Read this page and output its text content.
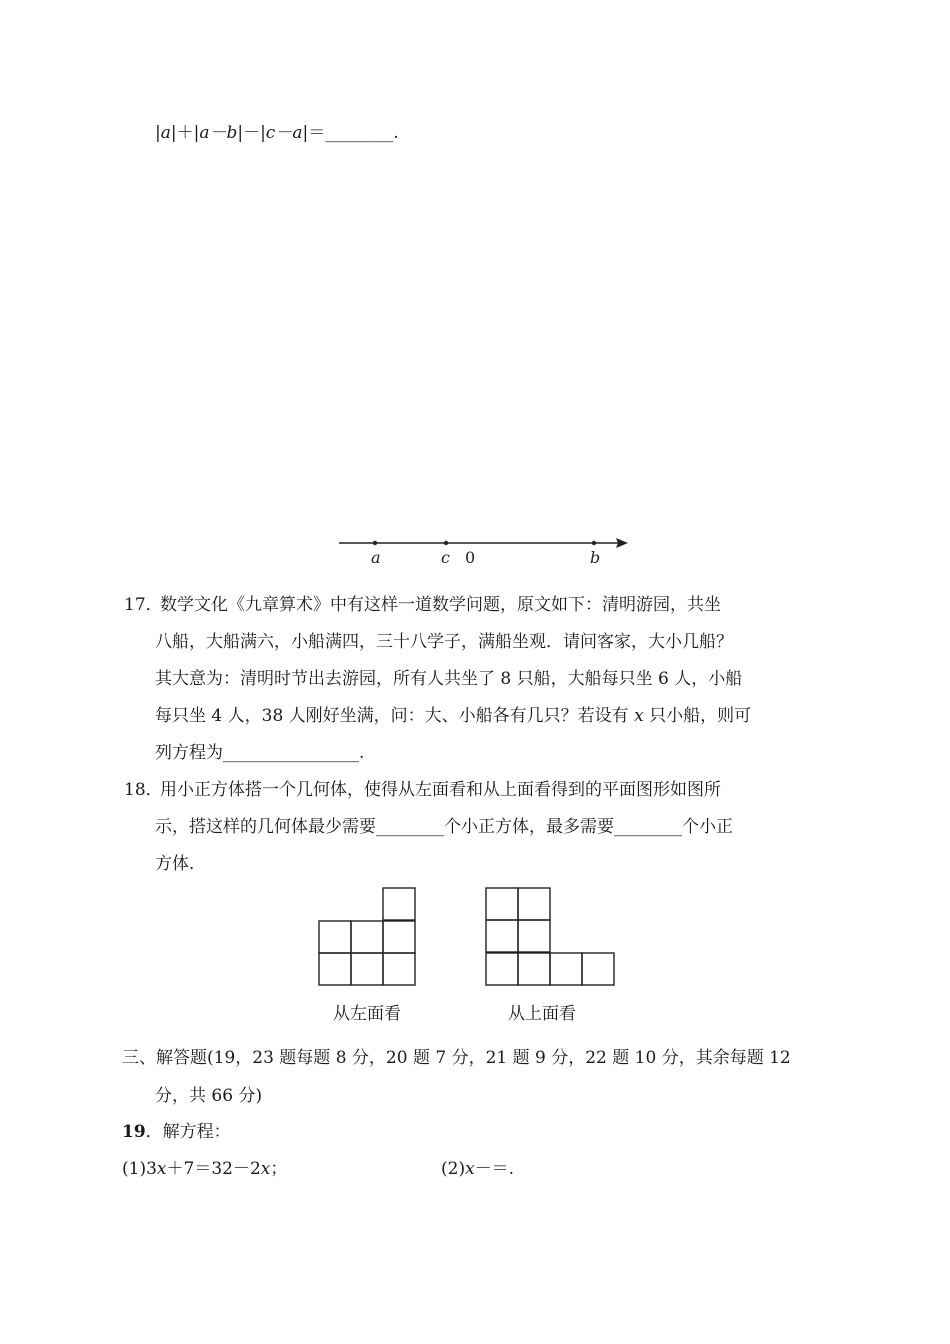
|a|＋|a－b|－|c－a|＝________.
a	c 0	b
17．
数学文化《九章算术》中有这样一道数学问题，原文如下：清明游园，共坐
八船，大船满六，小船满四，三十八学子，满船坐观．请问客家，大小几船？
其大意为：清明时节出去游园，所有人共坐了 8 只船，大船每只坐 6 人，小船
每只坐 4 人，38 人刚好坐满，问：大、小船各有几只？若设有 x 只小船，则可
列方程为________________.
18．
用小正方体搭一个几何体，使得从左面看和从上面看得到的平面图形如图所
示，搭这样的几何体最少需要________个小正方体，最多需要________个小正
方体．
从左面看	从上面看
三、解答题(19，23 题每题 8 分，20 题 7 分，21 题 9 分，22 题 10 分，其余每题 12
分，共 66 分)
19．解方程：
(1)3x＋7＝32－2x；	(2)x－＝.
